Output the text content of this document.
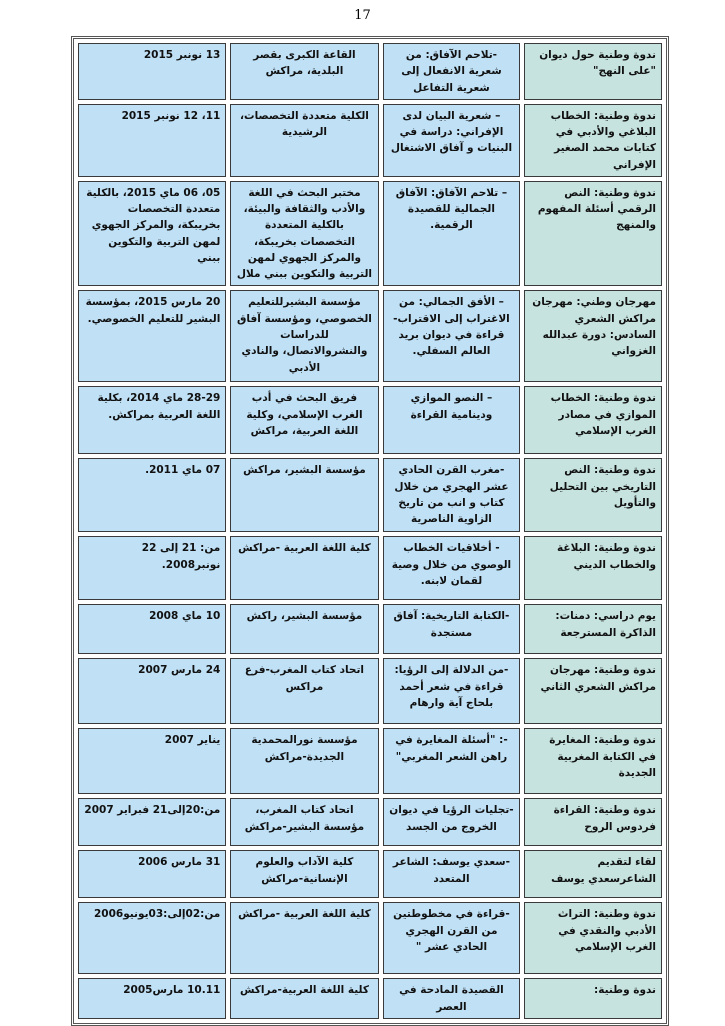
17
ندوة وطنية حول ديوان "على النهج"	-تلاحم الآفاق: من شعرية الانفعال إلى شعرية التفاعل	القاعة الكبرى بقصر البلدية، مراكش	13 نونبر 2015
ندوة وطنية: الخطاب البلاغي والأدبي في كتابات محمد الصغير الإفراني	– شعرية البيان لدى الإفراني: دراسة في البنيات و آفاق الاشتغال	الكلية متعددة التخصصات، الرشيدية	11، 12 نونبر 2015
ندوة وطنية: النص الرقمي أسئلة المفهوم والمنهج	– تلاحم الآفاق: الآفاق الجمالية للقصيدة الرقمية.	مختبر البحث في اللغة والأدب والثقافة والبيئة، بالكلية المتعددة التخصصات بخريبكة، والمركز الجهوي لمهن التربية والتكوين ببني ملال	05، 06 ماي 2015، بالكلية متعددة التخصصات بخريبكة، والمركز الجهوي لمهن التربية والتكوين ببني
مهرجان وطني: مهرجان مراكش الشعري السادس: دورة عبدالله الغزواني	– الأفق الجمالي: من الاغتراب إلى الاقتراب- قراءة في ديوان بريد العالم السفلي.	مؤسسة البشيرللتعليم الخصوصي، ومؤسسة آفاق للدراسات والنشروالاتصال، والنادي الأدبي	20 مارس 2015، بمؤسسة البشير للتعليم الخصوصي.
ندوة وطنية: الخطاب الموازي في مصادر الغرب الإسلامي	– النصو الموازي ودينامية القراءة	فريق البحث في أدب الغرب الإسلامي، وكلية اللغة العربية، مراكش	28-29 ماي 2014، بكلية اللغة العربية بمراكش.
ندوة وطنية: النص التاريخي بين التحليل والتأويل	-مغرب القرن الحادي عشر الهجري من خلال كتاب و انب من تاريخ الزاوية الناصرية	مؤسسة البشير، مراكش	07 ماي 2011.
ندوة وطنية: البلاغة والخطاب الديني	- أخلاقيات الخطاب الوصوي من خلال وصية لقمان لابنه.	كلية اللغة العربية -مراكش	من: 21 إلى 22 نونبر2008.
يوم دراسي: دمنات: الذاكرة المسترجعة	-الكتابة التاريخية: آفاق مستجدة	مؤسسة البشير، راكش	10 ماي 2008
ندوة وطنية: مهرجان مراكش الشعري الثاني	-من الدلالة إلى الرؤيا: قراءة في شعر أحمد بلحاج آية وارهام	اتحاد كتاب المغرب-فرع مراكس	24 مارس 2007
ندوة وطنية: المغايرة في الكتابة المغربية الجديدة	-: "أسئلة المغايرة في راهن الشعر المغربي"	مؤسسة نورالمحمدية الجديدة-مراكش	يناير 2007
ندوة وطنية: القراءة فردوس الروح	-تجليات الرؤيا في ديوان الخروج من الجسد	اتحاد كتاب المغرب، مؤسسة البشير-مراكش	من:20إلى21 فبراير 2007
لقاء لتقديم الشاعرسعدي يوسف	-سعدي يوسف: الشاعر المتعدد	كلية الآداب والعلوم الإنسانية-مراكش	31 مارس 2006
ندوة وطنية: التراث الأدبي والنقدي في الغرب الإسلامي	-قراءة في مخطوطتين من القرن الهجري الحادي عشر "	كلية اللغة العربية -مراكش	من:02إلى:03يونيو2006
ندوة وطنية:	القصيدة المادحة في العصر	كلية اللغة العربية-مراكش	10.11 مارس2005
